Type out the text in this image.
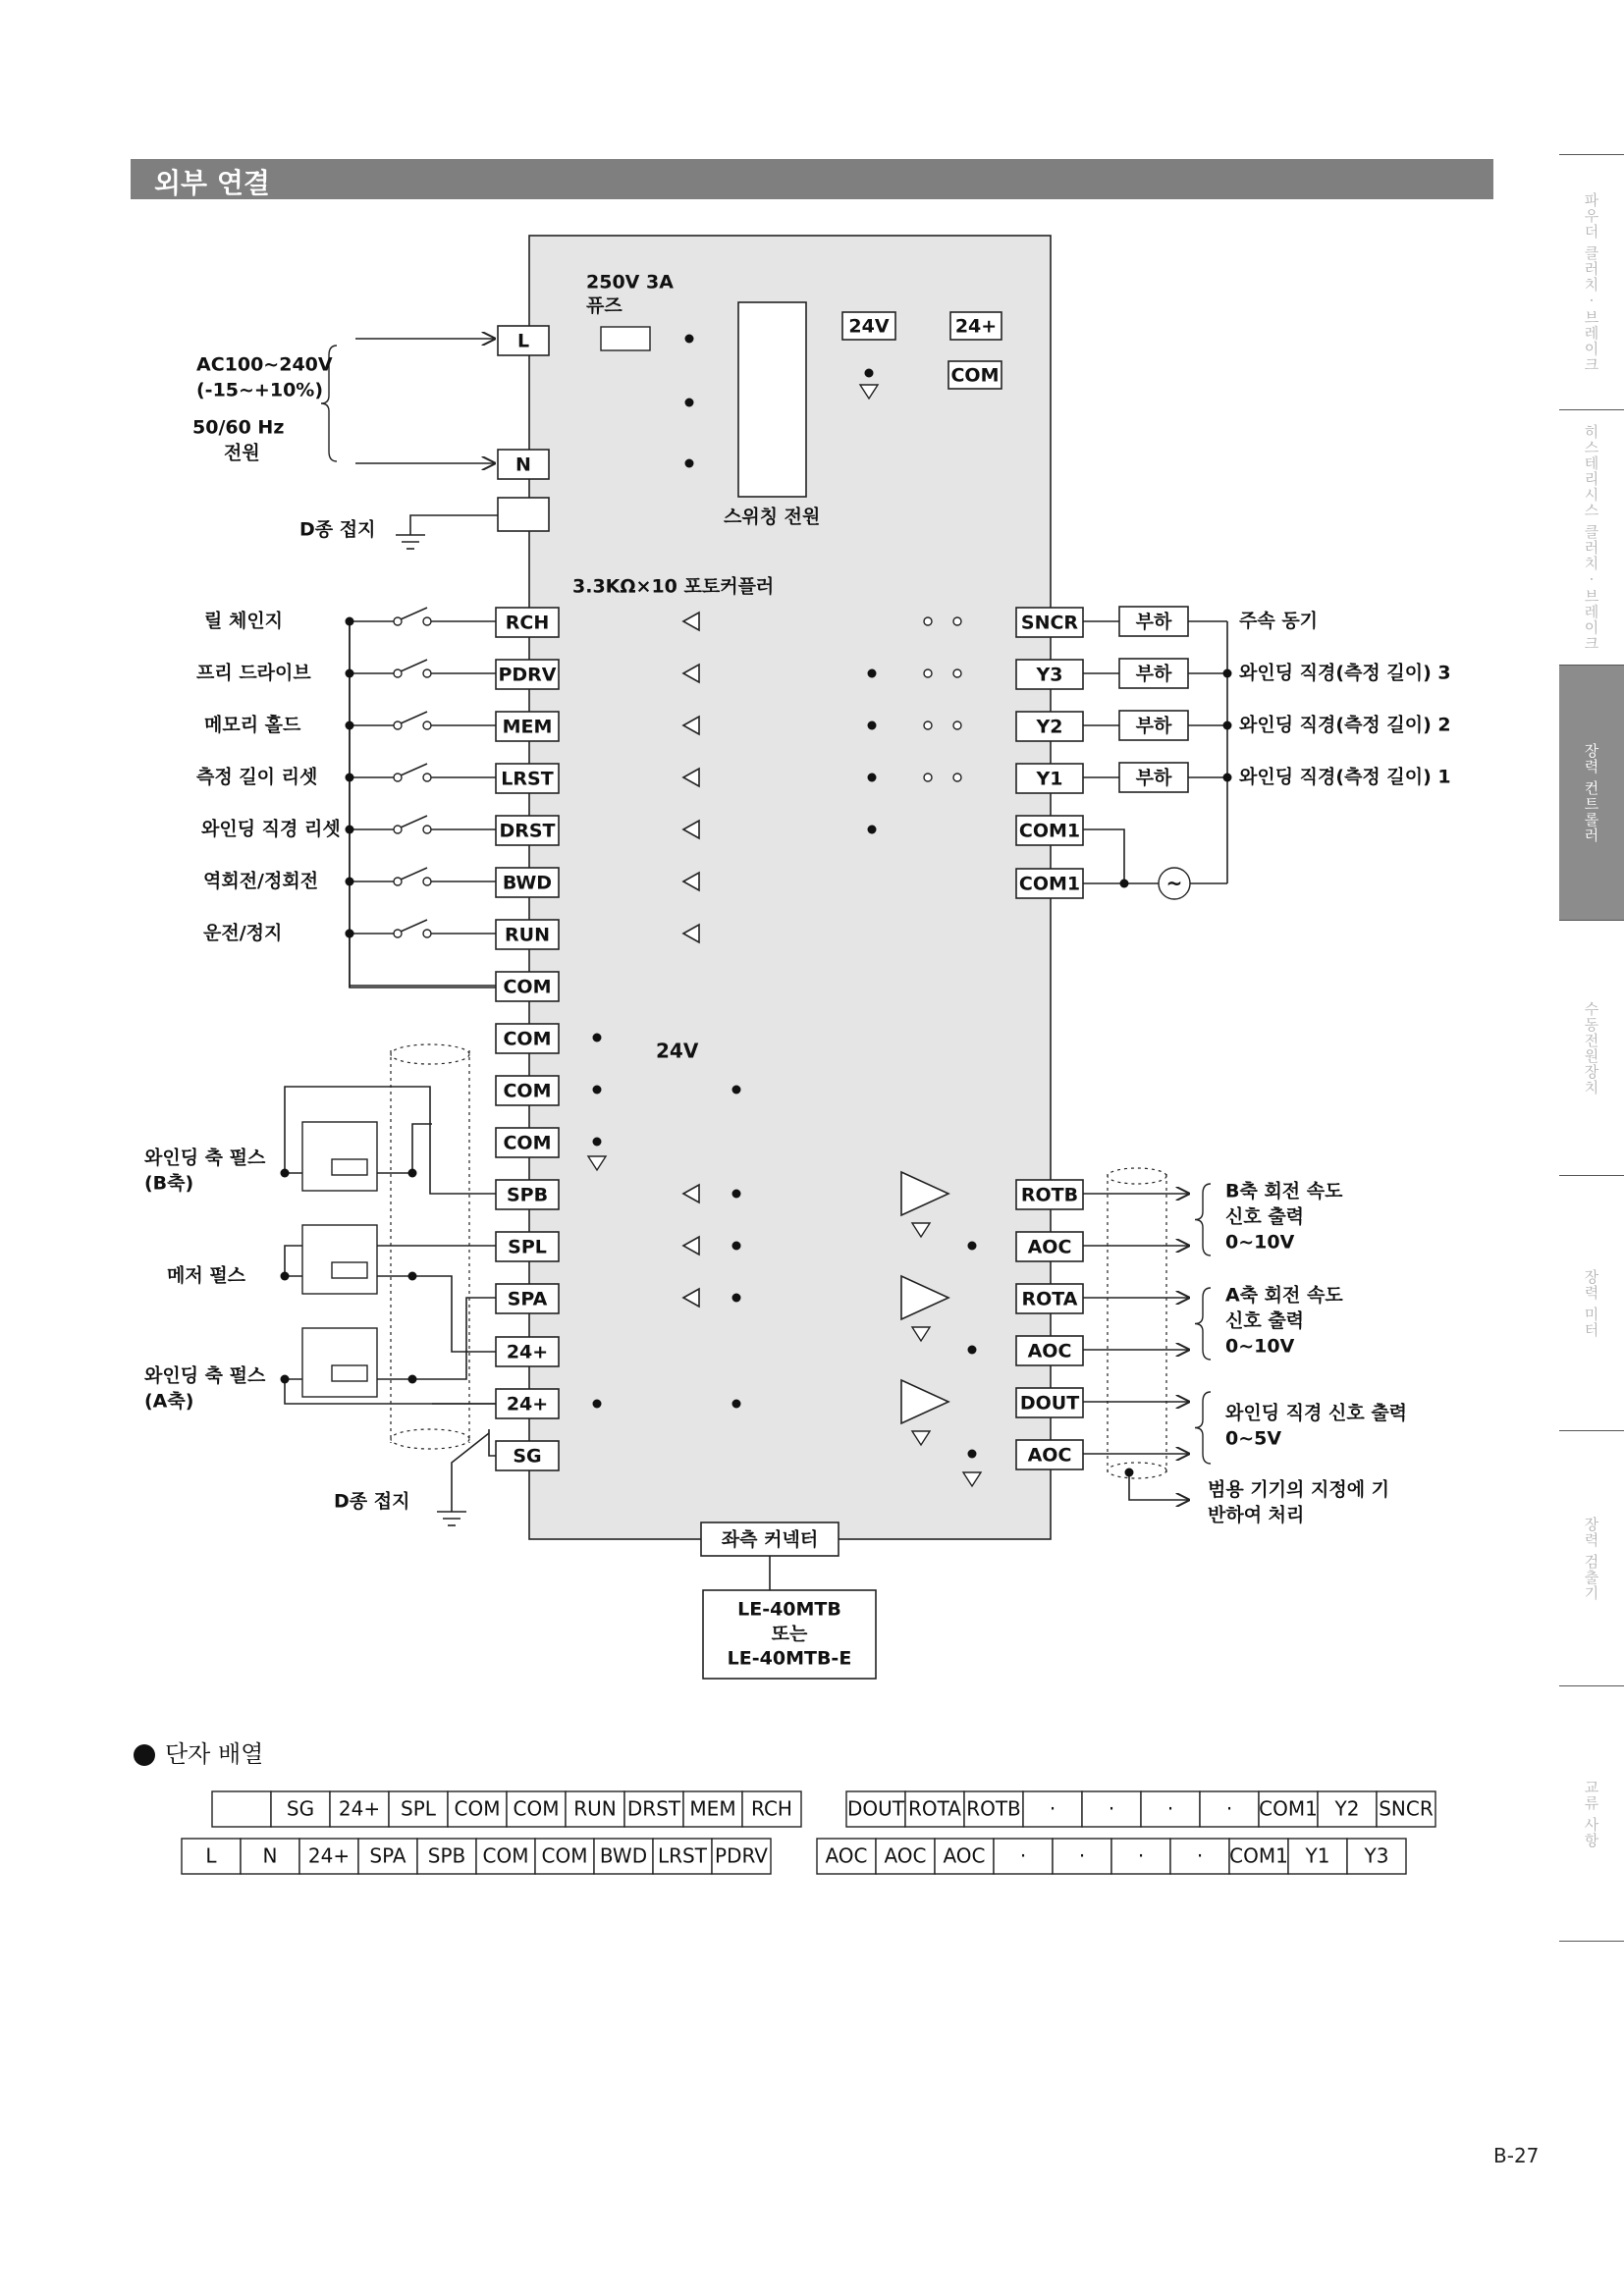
파우더 클러치 · 브레이크
히스테리시스 클러치 · 브레이크
장력 컨트롤러
수동전원장치
장력 미터
장력 검출기
교류 사항
외부 연결
AC100~240V
(-15~+10%)
50/60 Hz
전원
L
N
D종 접지
250V 3A
퓨즈
스위칭 전원
24V	24+
COM
3.3KΩ×10 포토커플러
릴 체인지	RCH
프리 드라이브	PDRV
메모리 홀드	MEM
측정 길이 리셋	LRST
와인딩 직경 리셋	DRST
역회전/정회전	BWD
운전/정지	RUN
COM
COM
COM
COM
24V
SPB
SPL
SPA
24+
24+
SG
와인딩 축 펄스
(B축)
메저 펄스
와인딩 축 펄스
(A축)
D종 접지
SNCR	부하	주속 동기
Y3	부하	와인딩 직경(측정 길이) 3
Y2	부하	와인딩 직경(측정 길이) 2
Y1	부하	와인딩 직경(측정 길이) 1
COM1
COM1	~
ROTB
AOC
ROTA
AOC
DOUT
AOC
B축 회전 속도
신호 출력
0~10V
A축 회전 속도
신호 출력
0~10V
와인딩 직경 신호 출력
0~5V
범용 기기의 지정에 기
반하여 처리
좌측 커넥터
LE-40MTB
또는
LE-40MTB-E
단자 배열
SG 24+ SPL COM COM RUN DRST MEM RCH
L N 24+ SPA SPB COM COM BWD LRST PDRV
DOUT ROTA ROTB ·	·	·	· COM1 Y2 SNCR
AOC AOC AOC ·	·	·	· COM1 Y1 Y3
B-27
